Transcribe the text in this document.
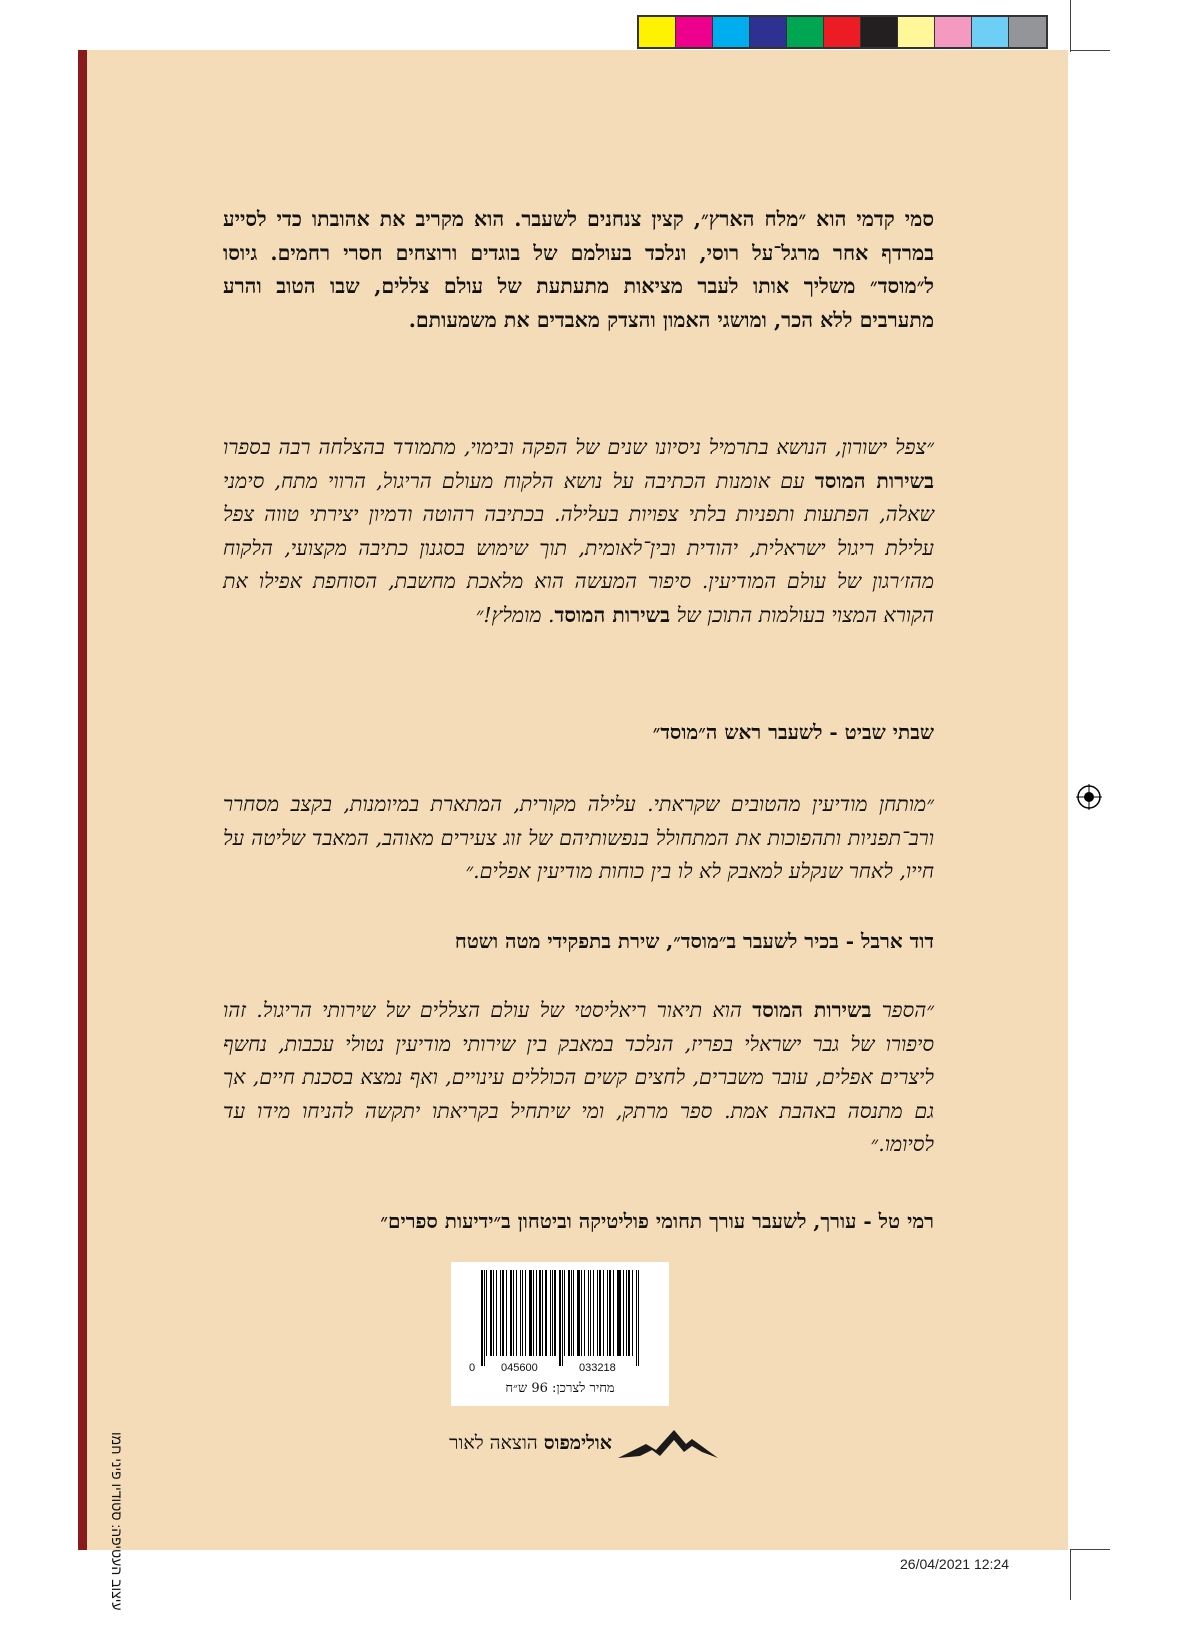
סמי קדמי הוא ״מלח הארץ״, קצין צנחנים לשעבר. הוא מקריב את אהובתו כדי לסייע במרדף אחר מרגל־על רוסי, ונלכד בעולמם של בוגדים ורוצחים חסרי רחמים. גיוסו ל״מוסד״ משליך אותו לעבר מציאות מתעתעת של עולם צללים, שבו הטוב והרע מתערבים ללא הכר, ומושגי האמון והצדק מאבדים את משמעותם.
״צפל ישורון, הנושא בתרמיל ניסיונו שנים של הפקה ובימוי, מתמודד בהצלחה רבה בספרו בשירות המוסד עם אומנות הכתיבה על נושא הלקוח מעולם הריגול, הרווי מתח, סימני שאלה, הפתעות ותפניות בלתי צפויות בעלילה. בכתיבה רהוטה ודמיון יצירתי טווה צפל עלילת ריגול ישראלית, יהודית ובין־לאומית, תוך שימוש בסגנון כתיבה מקצועי, הלקוח מהז׳רגון של עולם המודיעין. סיפור המעשה הוא מלאכת מחשבת, הסוחפת אפילו את הקורא המצוי בעולמות התוכן של בשירות המוסד. מומלץ!״
שבתי שביט - לשעבר ראש ה״מוסד״
״מותחן מודיעין מהטובים שקראתי. עלילה מקורית, המתארת במיומנות, בקצב מסחרר ורב־תפניות ותהפוכות את המתחולל בנפשותיהם של זוג צעירים מאוהב, המאבד שליטה על חייו, לאחר שנקלע למאבק לא לו בין כוחות מודיעין אפלים.״
דוד ארבל - בכיר לשעבר ב״מוסד״, שירת בתפקידי מטה ושטח
״הספר בשירות המוסד הוא תיאור ריאליסטי של עולם הצללים של שירותי הריגול. זהו סיפורו של גבר ישראלי בפריז, הנלכד במאבק בין שירותי מודיעין נטולי עכבות, נחשף ליצרים אפלים, עובר משברים, לחצים קשים הכוללים עינויים, ואף נמצא בסכנת חיים, אך גם מתנסה באהבת אמת. ספר מרתק, ומי שיתחיל בקריאתו יתקשה להניחו מידו עד לסיומו.״
רמי טל - עורך, לשעבר עורך תחומי פוליטיקה וביטחון ב״ידיעות ספרים״
0 045600	033218
מחיר לצרכן: 96 ש״ח
אולימפוס הוצאה לאור
עיצוב העטיפה: סטודיו פיני חמו	26/04/2021 12:24
